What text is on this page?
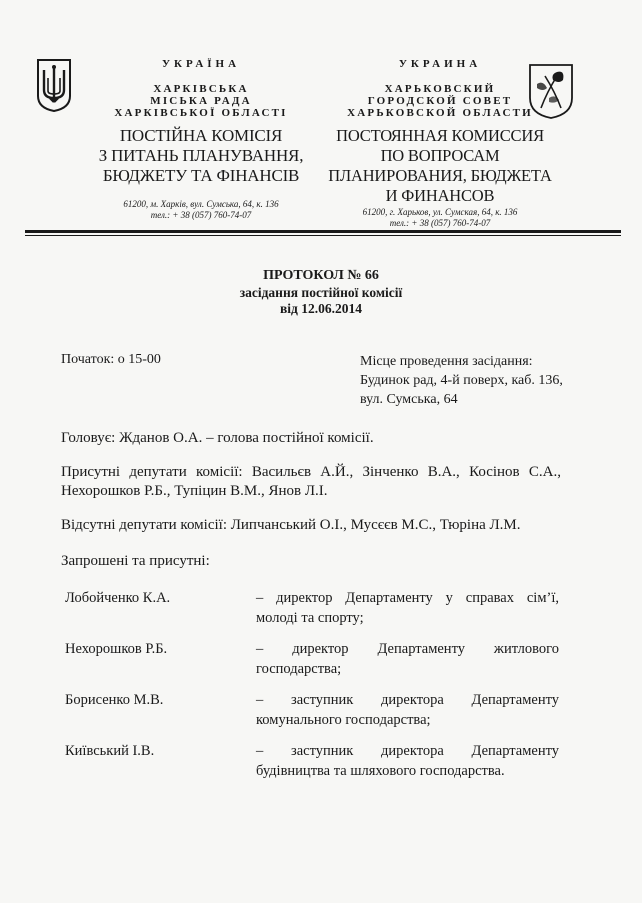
УКРАЇНА
ХАРКІВСЬКА
МІСЬКА РАДА
ХАРКІВСЬКОЇ ОБЛАСТІ
ПОСТІЙНА КОМІСІЯ
З ПИТАНЬ ПЛАНУВАННЯ,
БЮДЖЕТУ ТА ФІНАНСІВ
61200, м. Харків, вул. Сумська, 64, к. 136
тел.: + 38 (057) 760-74-07
УКРАИНА
ХАРЬКОВСКИЙ
ГОРОДСКОЙ СОВЕТ
ХАРЬКОВСКОЙ ОБЛАСТИ
ПОСТОЯННАЯ КОМИССИЯ
ПО ВОПРОСАМ
ПЛАНИРОВАНИЯ, БЮДЖЕТА
И ФИНАНСОВ
61200, г. Харьков, ул. Сумская, 64, к. 136
тел.: + 38 (057) 760-74-07
ПРОТОКОЛ № 66
засідання постійної комісії
від 12.06.2014
Початок: о 15-00	Місце проведення засідання:
Будинок рад, 4-й поверх, каб. 136,
вул. Сумська, 64
Головує: Жданов О.А. – голова постійної комісії.
Присутні депутати комісії: Васильєв А.Й., Зінченко В.А., Косінов С.А.,
Нехорошков Р.Б., Тупіцин В.М., Янов Л.І.
Відсутні депутати комісії: Липчанський О.І., Мусєєв М.С., Тюріна Л.М.
Запрошені та присутні:
Лобойченко К.А.	– директор Департаменту у справах сім’ї,
молоді та спорту;
Нехорошков Р.Б.	– директор Департаменту житлового
господарства;
Борисенко М.В.	– заступник директора Департаменту
комунального господарства;
Київський І.В.	– заступник директора Департаменту
будівництва та шляхового господарства.
